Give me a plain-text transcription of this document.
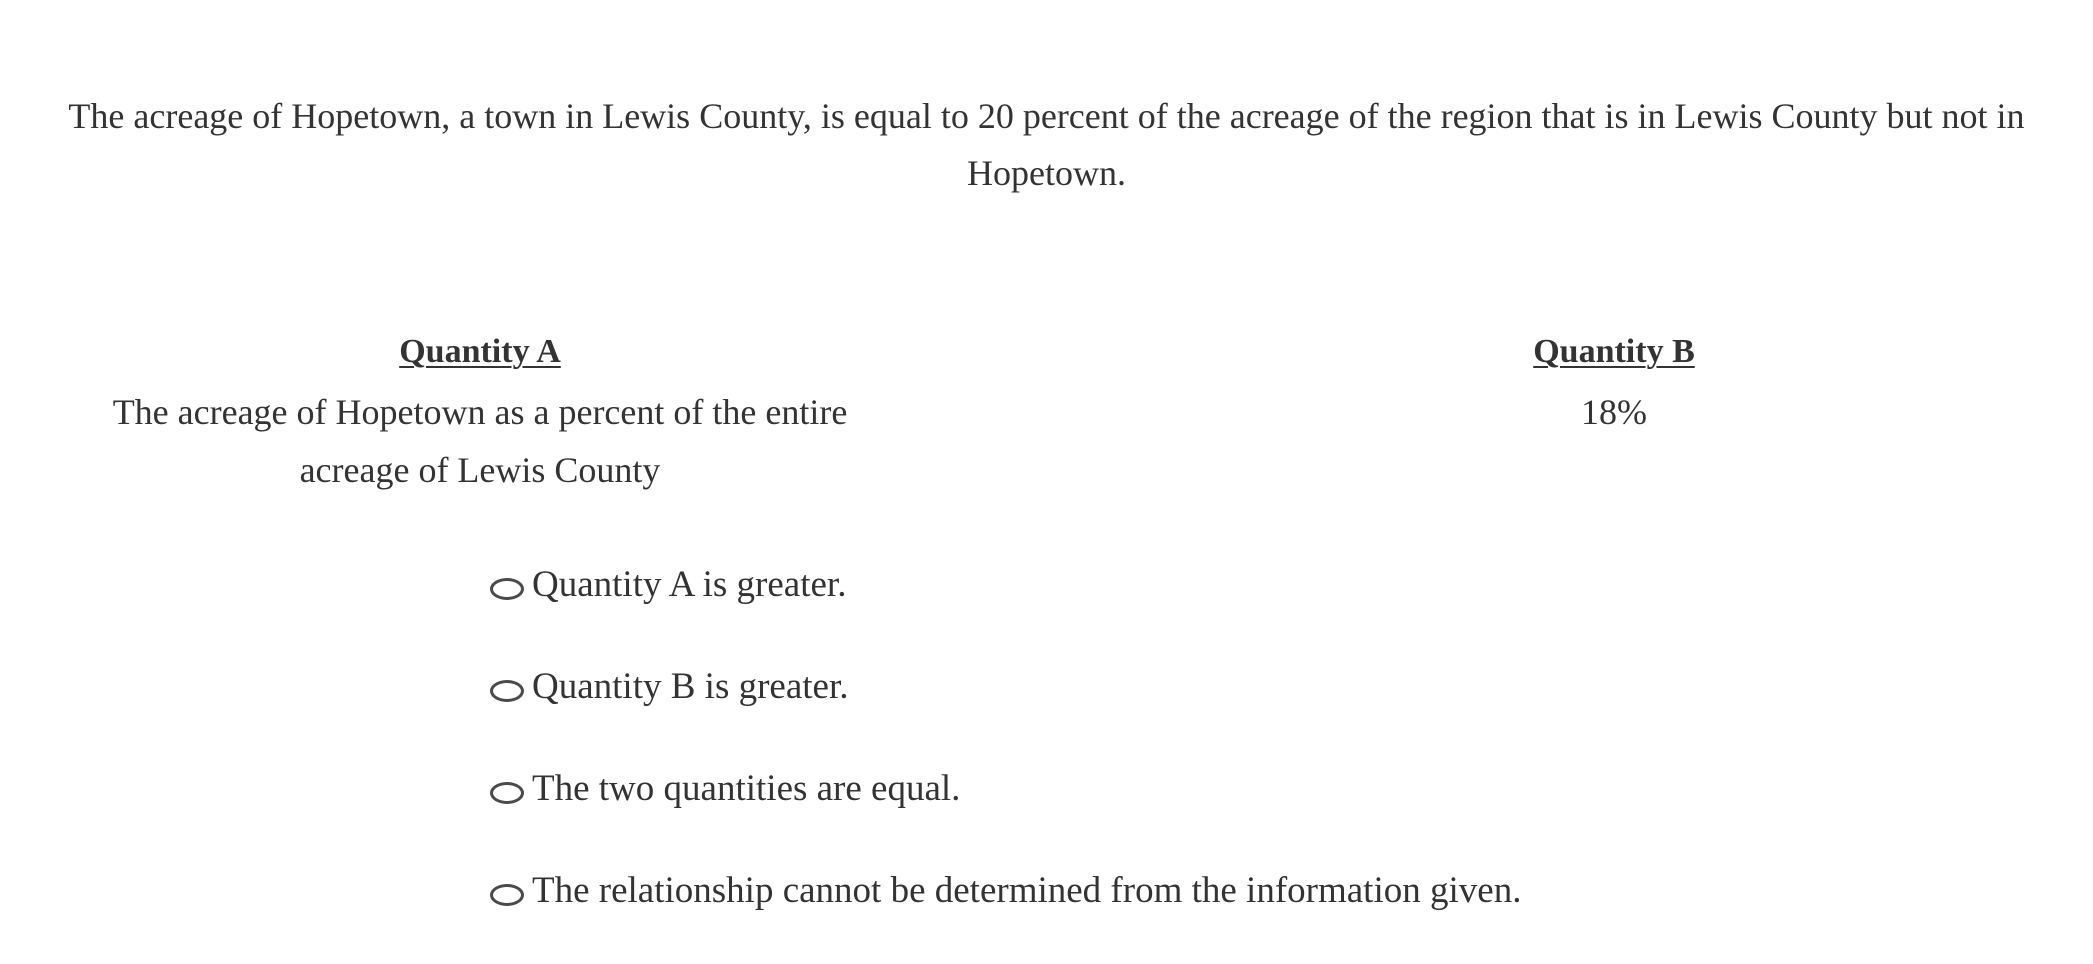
The acreage of Hopetown, a town in Lewis County, is equal to 20 percent of the acreage of the region that is in Lewis County but not in Hopetown.
Quantity A
The acreage of Hopetown as a percent of the entire acreage of Lewis County
Quantity B
18%
Quantity A is greater.
Quantity B is greater.
The two quantities are equal.
The relationship cannot be determined from the information given.
